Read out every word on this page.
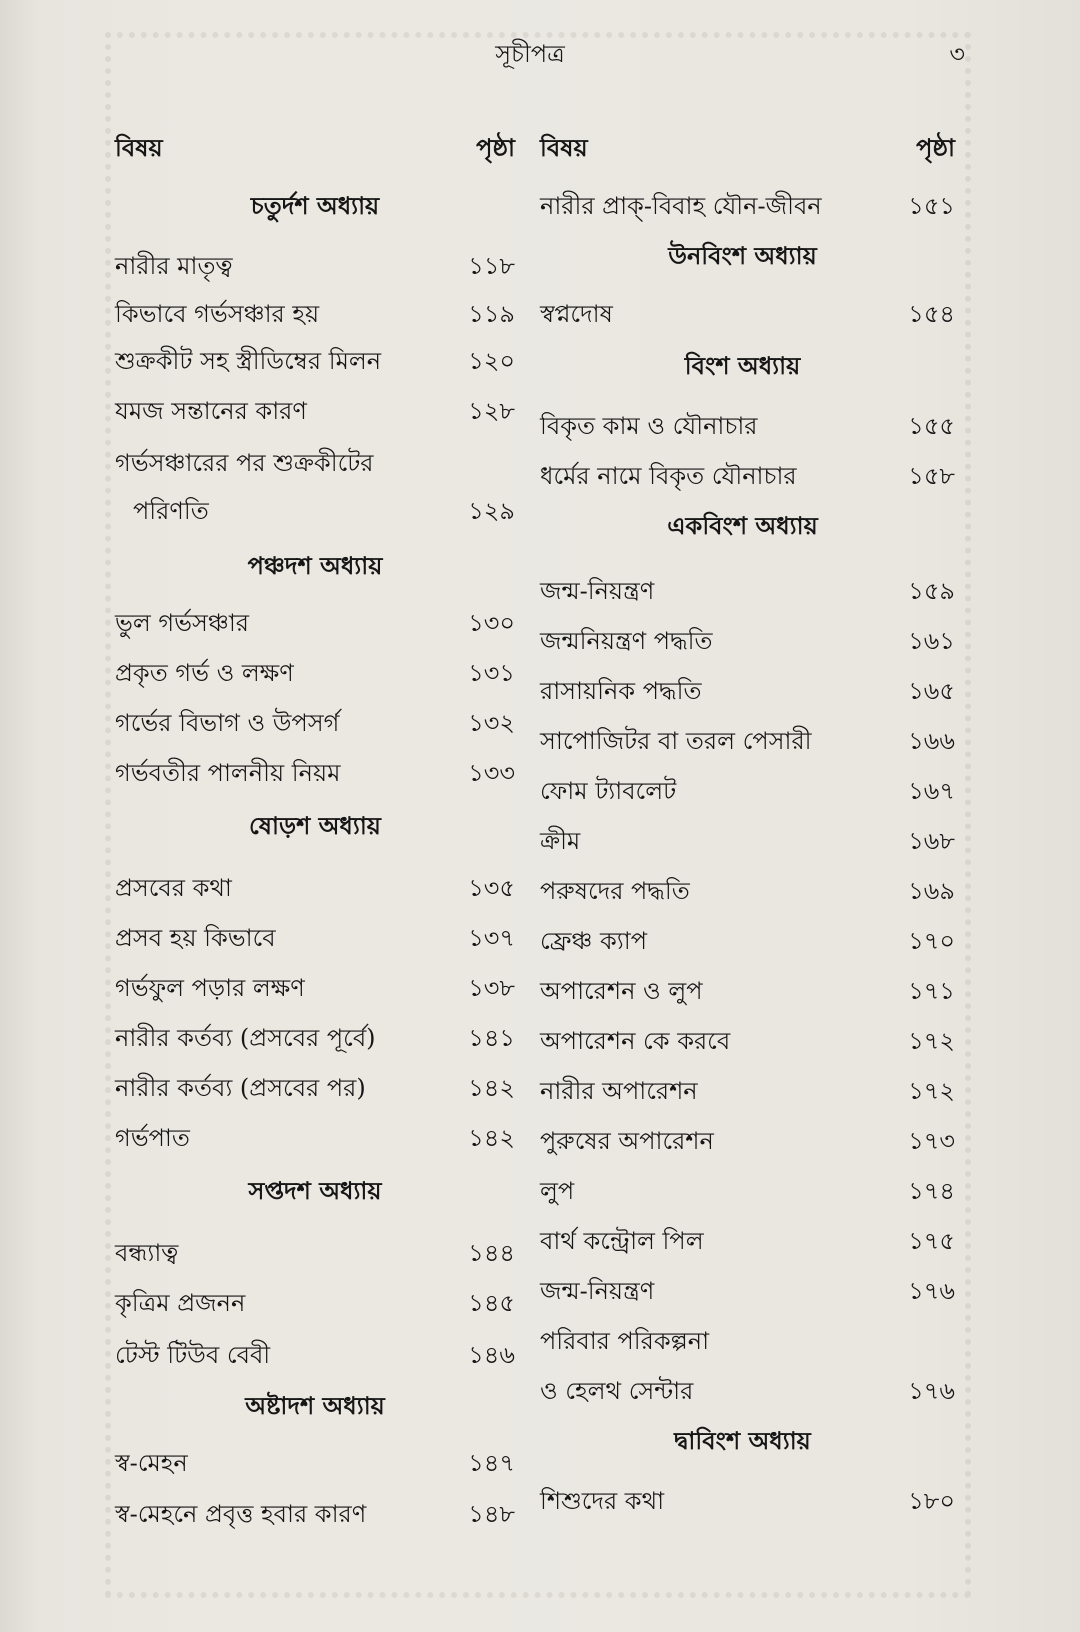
সূচীপত্র	৩
বিষয়	পৃষ্ঠা বিষয়	পৃষ্ঠা
চতুর্দশ অধ্যায়
নারীর মাতৃত্ব	১১৮
কিভাবে গর্ভসঞ্চার হয়	১১৯
শুক্রকীট সহ স্ত্রীডিম্বের মিলন	১২০
যমজ সন্তানের কারণ	১২৮
গর্ভসঞ্চারের পর শুক্রকীটের
পরিণতি	১২৯
পঞ্চদশ অধ্যায়
ভুল গর্ভসঞ্চার	১৩০
প্রকৃত গর্ভ ও লক্ষণ	১৩১
গর্ভের বিভাগ ও উপসর্গ	১৩২
গর্ভবতীর পালনীয় নিয়ম	১৩৩
ষোড়শ অধ্যায়
প্রসবের কথা	১৩৫
প্রসব হয় কিভাবে	১৩৭
গর্ভফুল পড়ার লক্ষণ	১৩৮
নারীর কর্তব্য (প্রসবের পূর্বে)	১৪১
নারীর কর্তব্য (প্রসবের পর)	১৪২
গর্ভপাত	১৪২
সপ্তদশ অধ্যায়
বন্ধ্যাত্ব	১৪৪
কৃত্রিম প্রজনন	১৪৫
টেস্ট টিউব বেবী	১৪৬
অষ্টাদশ অধ্যায়
স্ব-মেহন	১৪৭
স্ব-মেহনে প্রবৃত্ত হবার কারণ	১৪৮
নারীর প্রাক্-বিবাহ যৌন-জীবন	১৫১
উনবিংশ অধ্যায়
স্বপ্নদোষ	১৫৪
বিংশ অধ্যায়
বিকৃত কাম ও যৌনাচার	১৫৫
ধর্মের নামে বিকৃত যৌনাচার	১৫৮
একবিংশ অধ্যায়
জন্ম-নিয়ন্ত্রণ	১৫৯
জন্মনিয়ন্ত্রণ পদ্ধতি	১৬১
রাসায়নিক পদ্ধতি	১৬৫
সাপোজিটর বা তরল পেসারী	১৬৬
ফোম ট্যাবলেট	১৬৭
ক্রীম	১৬৮
পরুষদের পদ্ধতি	১৬৯
ফ্রেঞ্চ ক্যাপ	১৭০
অপারেশন ও লুপ	১৭১
অপারেশন কে করবে	১৭২
নারীর অপারেশন	১৭২
পুরুষের অপারেশন	১৭৩
লুপ	১৭৪
বার্থ কন্ট্রোল পিল	১৭৫
জন্ম-নিয়ন্ত্রণ	১৭৬
পরিবার পরিকল্পনা
ও হেলথ সেন্টার	১৭৬
দ্বাবিংশ অধ্যায়
শিশুদের কথা	১৮০
